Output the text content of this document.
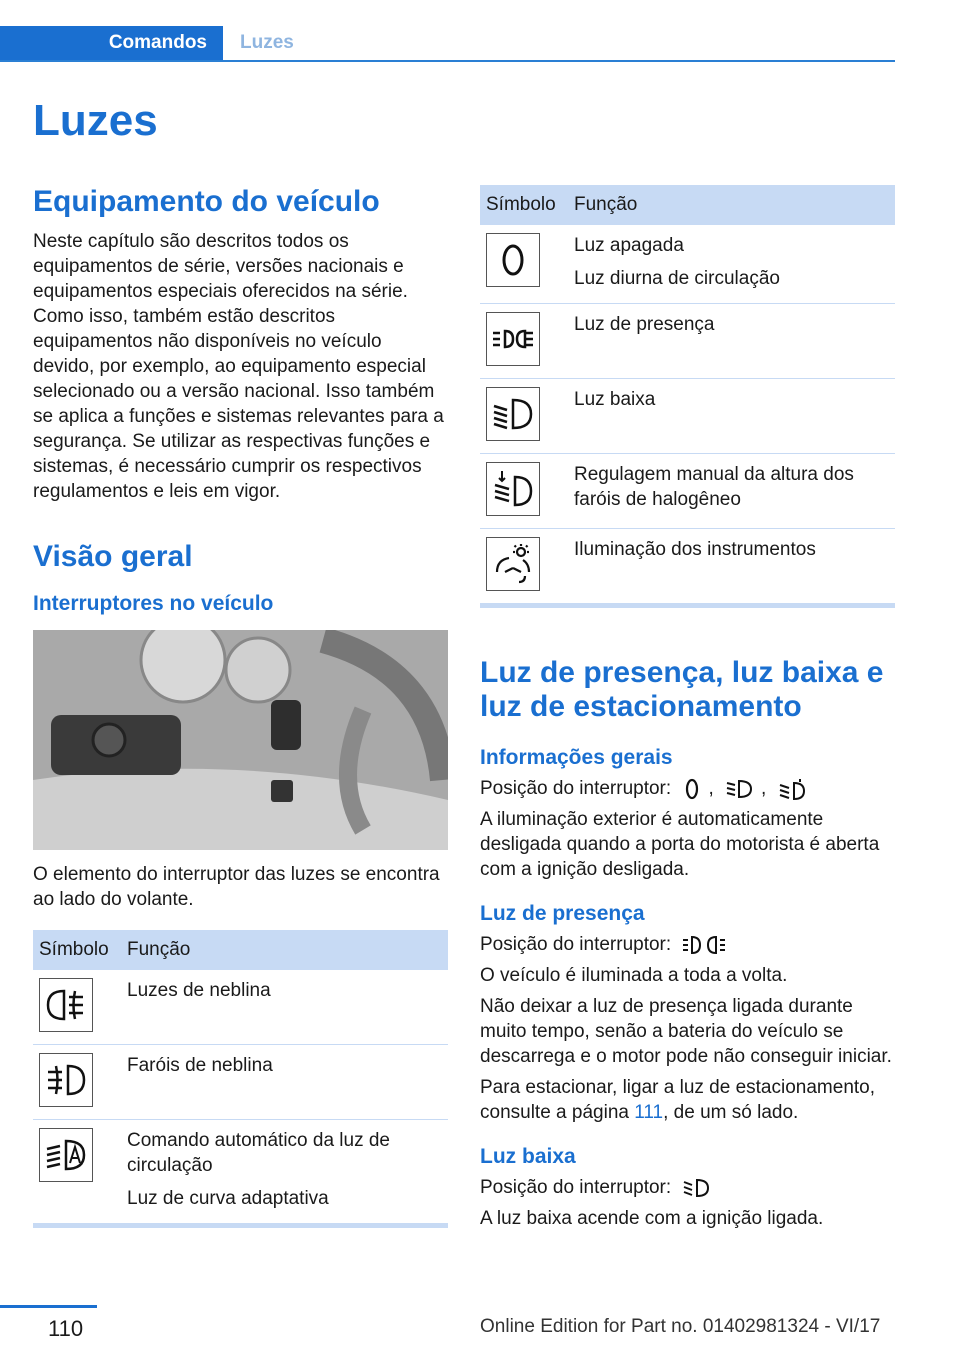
Comandos	Luzes
Luzes
Equipamento do veículo

Neste capítulo são descritos todos os equipamentos de série, versões nacionais e equipamentos especiais oferecidos na série. Como isso, também estão descritos equipamentos não disponíveis no veículo devido, por exemplo, ao equipamento especial selecionado ou a versão nacional. Isso também se aplica a funções e sistemas relevantes para a segurança. Se utilizar as respectivas funções e sistemas, é necessário cumprir os respectivos regulamentos e leis em vigor.

Visão geral
Interruptores no veículo

O elemento do interruptor das luzes se encontra ao lado do volante.

Símbolo	Função

Luzes de neblina

Faróis de neblina

Comando automático da luz de circulação
Luz de curva adaptativa
Símbolo	Função

Luz apagada
Luz diurna de circulação

Luz de presença

Luz baixa

Regulagem manual da altura dos faróis de halogêneo

Iluminação dos instrumentos
Luz de presença, luz baixa e luz de estacionamento
Informações gerais

Posição do interruptor: , ,

A iluminação exterior é automaticamente desligada quando a porta do motorista é aberta com a ignição desligada.

Luz de presença

Posição do interruptor:

O veículo é iluminada a toda a volta.

Não deixar a luz de presença ligada durante muito tempo, senão a bateria do veículo se descarrega e o motor pode não conseguir iniciar.

Para estacionar, ligar a luz de estacionamento, consulte a página 111, de um só lado.

Luz baixa

Posição do interruptor:

A luz baixa acende com a ignição ligada.

110	Online Edition for Part no. 01402981324 - VI/17
